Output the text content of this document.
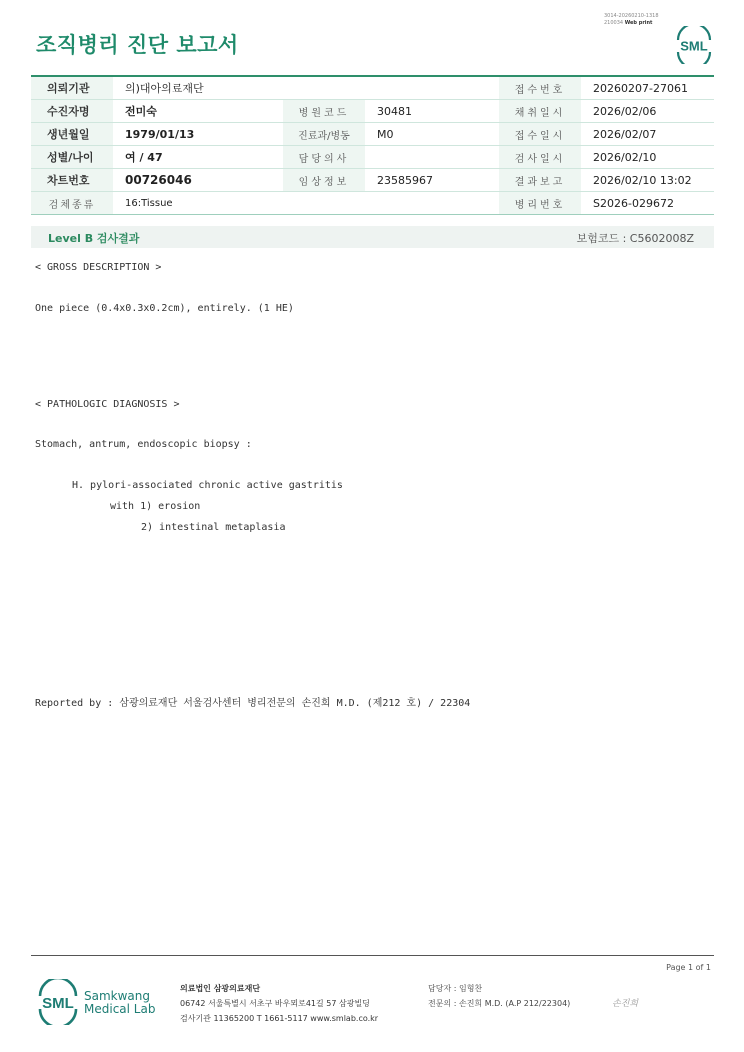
조직병리 진단 보고서
3014-20260210-1318
210034 Web print
SML
의뢰기관	의)대아의료재단			접수번호	20260207-27061
수진자명	전미숙	병원코드	30481	채취일시	2026/02/06
생년월일	1979/01/13	진료과/병동	M0	접수일시	2026/02/07
성별/나이	여 / 47	담당의사		검사일시	2026/02/10
차트번호	00726046	임상정보	23585967	결과보고	2026/02/10 13:02
검체종류	16:Tissue			병리번호	S2026-029672
Level B 검사결과	보험코드 : C5602008Z
< GROSS DESCRIPTION >
One piece (0.4x0.3x0.2cm), entirely. (1 HE)
< PATHOLOGIC DIAGNOSIS >
Stomach, antrum, endoscopic biopsy :
H. pylori-associated chronic active gastritis
with 1) erosion
2) intestinal metaplasia
Reported by : 삼광의료재단 서울검사센터 병리전문의 손진희 M.D. (제212 호) / 22304
Page 1 of 1
SML Samkwang
Medical Lab
의료법인 삼광의료재단
06742 서울특별시 서초구 바우뫼로41길 57 삼광빌딩
검사기관 11365200 T 1661-5117 www.smlab.co.kr
담당자 : 임형찬
전문의 : 손진희 M.D. (A.P 212/22304)	손진희
